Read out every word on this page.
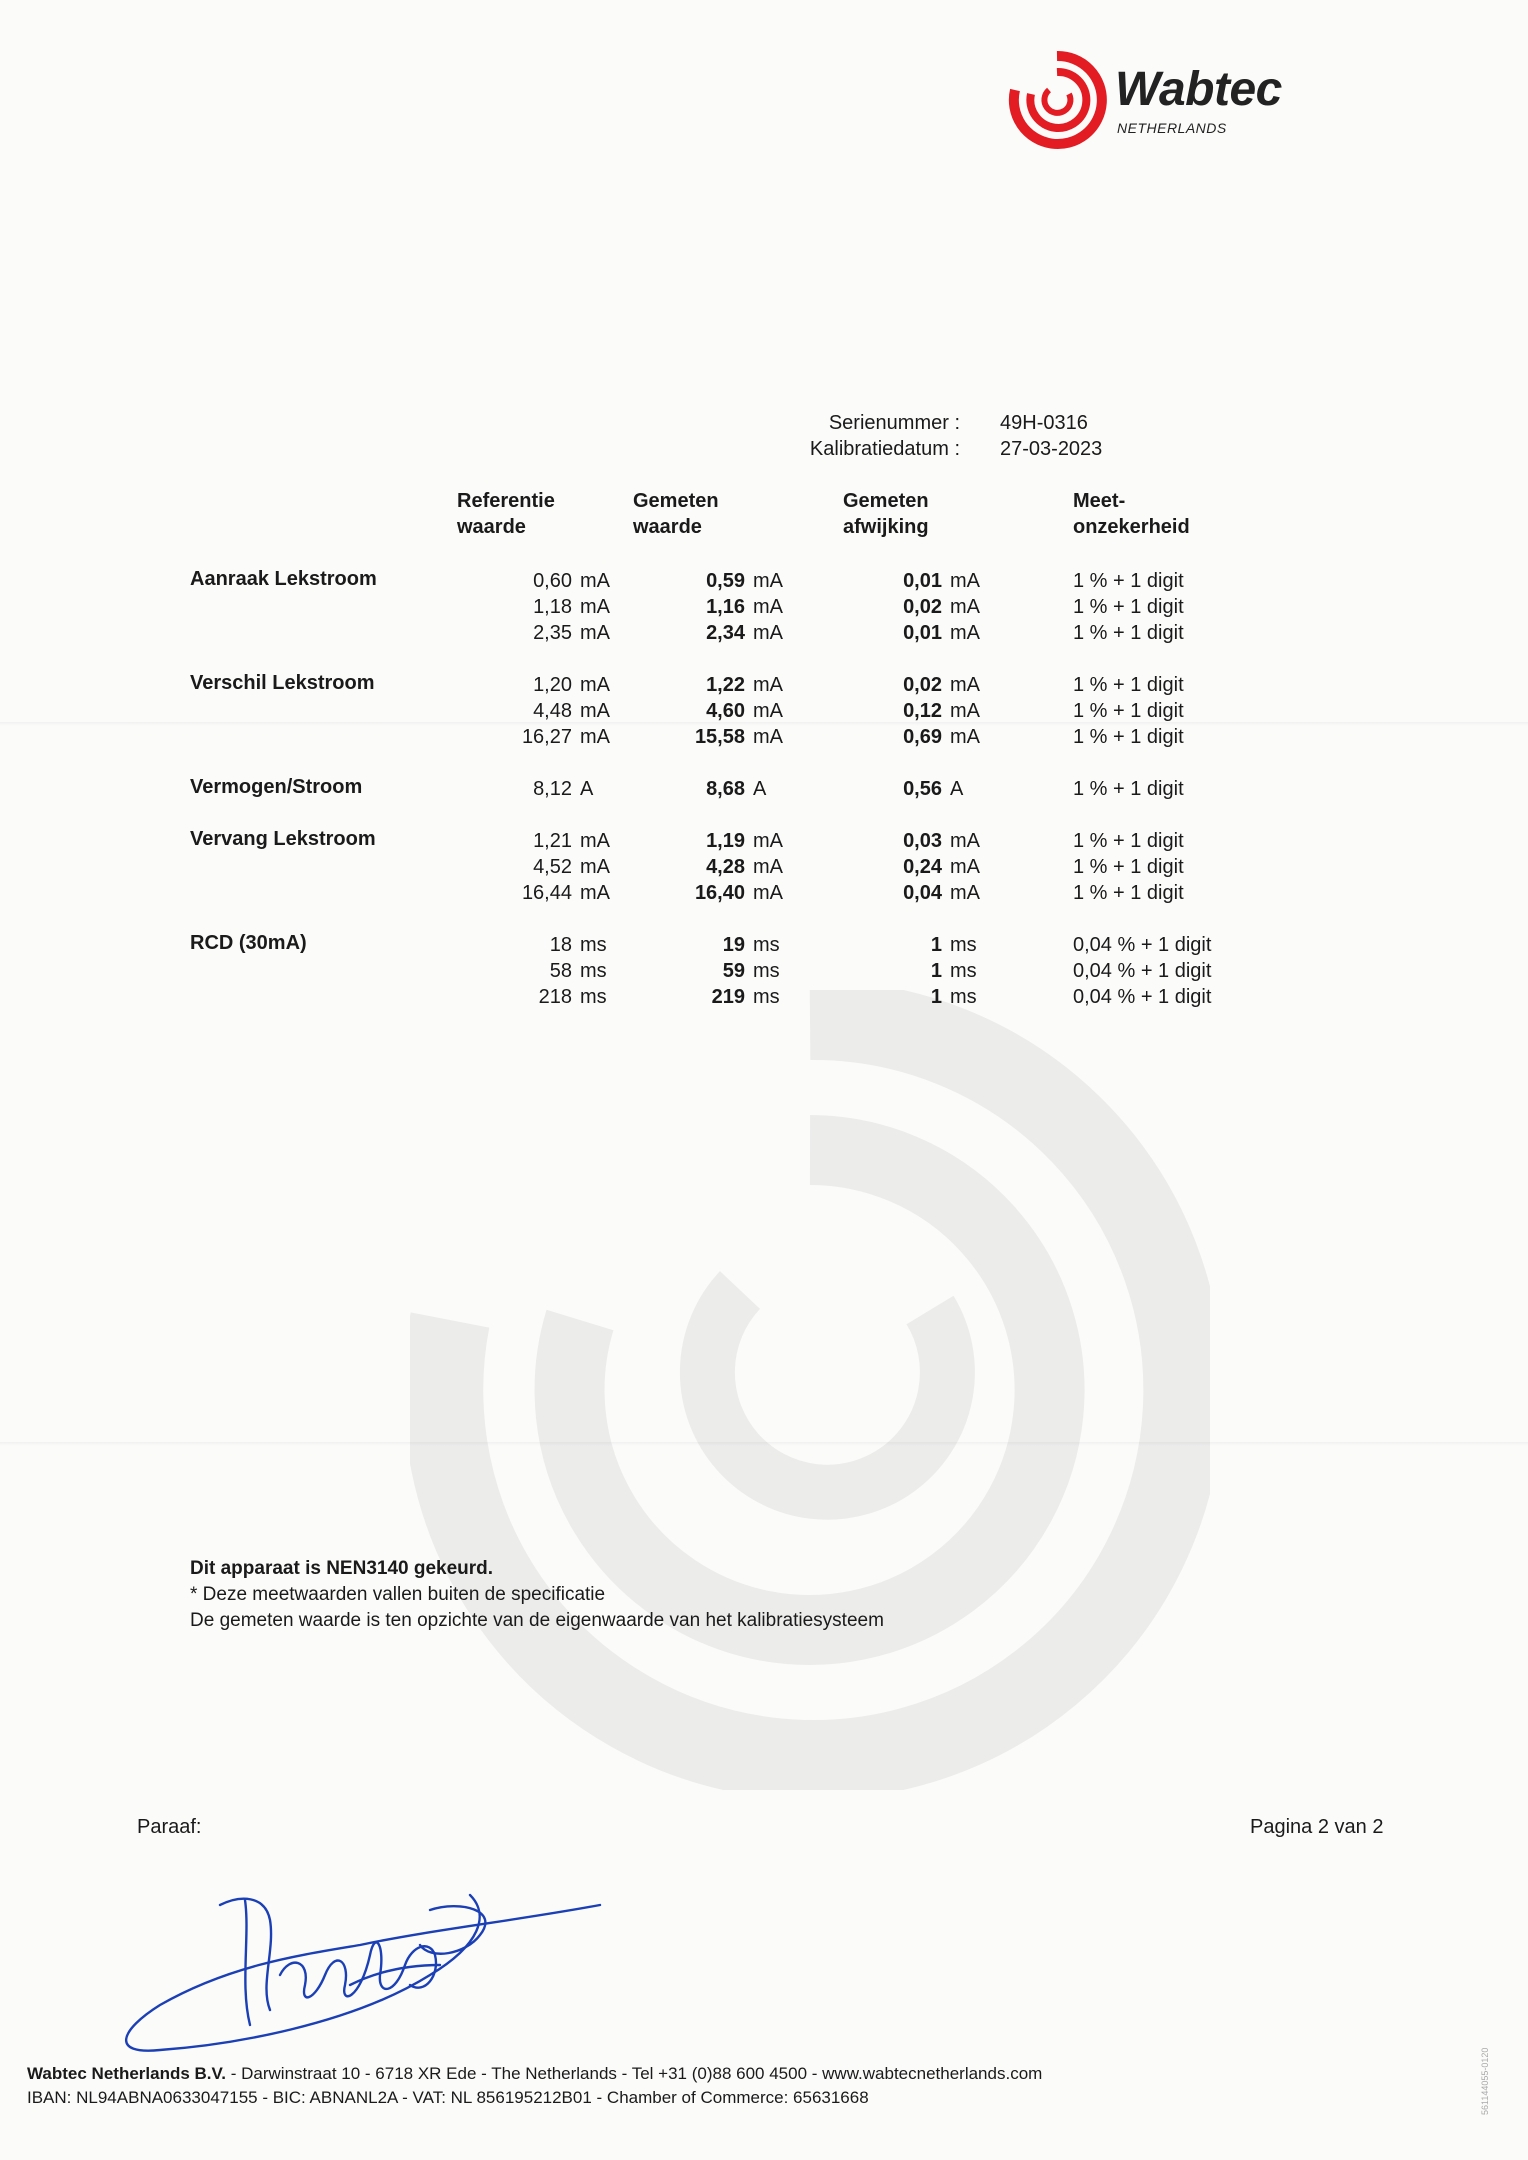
Wabtec
NETHERLANDS
Serienummer :	49H-0316
Kalibratiedatum :	27-03-2023
Referentie
waarde
Gemeten
waarde
Gemeten
afwijking
Meet-
onzekerheid
Aanraak Lekstroom	0,60 mA	0,59 mA	0,01 mA	1 % + 1 digit
1,18 mA	1,16 mA	0,02 mA	1 % + 1 digit
2,35 mA	2,34 mA	0,01 mA	1 % + 1 digit
Verschil Lekstroom	1,20 mA	1,22 mA	0,02 mA	1 % + 1 digit
4,48 mA	4,60 mA	0,12 mA	1 % + 1 digit
16,27 mA	15,58 mA	0,69 mA	1 % + 1 digit
Vermogen/Stroom	8,12 A	8,68 A	0,56 A	1 % + 1 digit
Vervang Lekstroom	1,21 mA	1,19 mA	0,03 mA	1 % + 1 digit
4,52 mA	4,28 mA	0,24 mA	1 % + 1 digit
16,44 mA	16,40 mA	0,04 mA	1 % + 1 digit
RCD (30mA)	18 ms	19 ms	1 ms	0,04 % + 1 digit
58 ms	59 ms	1 ms	0,04 % + 1 digit
218 ms	219 ms	1 ms	0,04 % + 1 digit
Dit apparaat is NEN3140 gekeurd.
* Deze meetwaarden vallen buiten de specificatie
De gemeten waarde is ten opzichte van de eigenwaarde van het kalibratiesysteem
Paraaf:	Pagina 2 van 2
Wabtec Netherlands B.V. - Darwinstraat 10 - 6718 XR Ede - The Netherlands - Tel +31 (0)88 600 4500 - www.wabtecnetherlands.com
IBAN: NL94ABNA0633047155 - BIC: ABNANL2A - VAT: NL 856195212B01 - Chamber of Commerce: 65631668	561144055-0120
